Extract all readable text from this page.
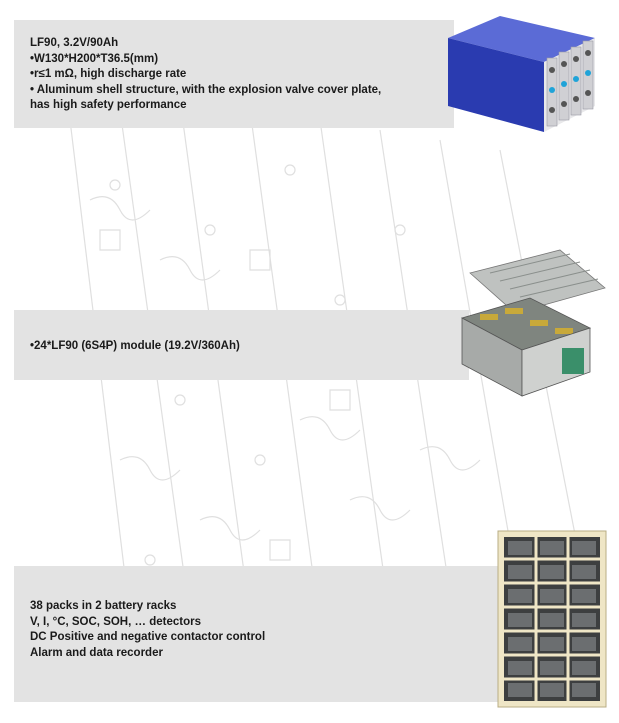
LF90, 3.2V/90Ah

•W130*H200*T36.5(mm)

•r≤1 mΩ, high discharge rate

• Aluminum shell structure, with the explosion valve cover plate,

has high safety performance

•24*LF90 (6S4P) module (19.2V/360Ah)

38 packs in 2 battery racks

V, I, °C, SOC, SOH, … detectors

DC Positive and negative contactor control

Alarm and data recorder
